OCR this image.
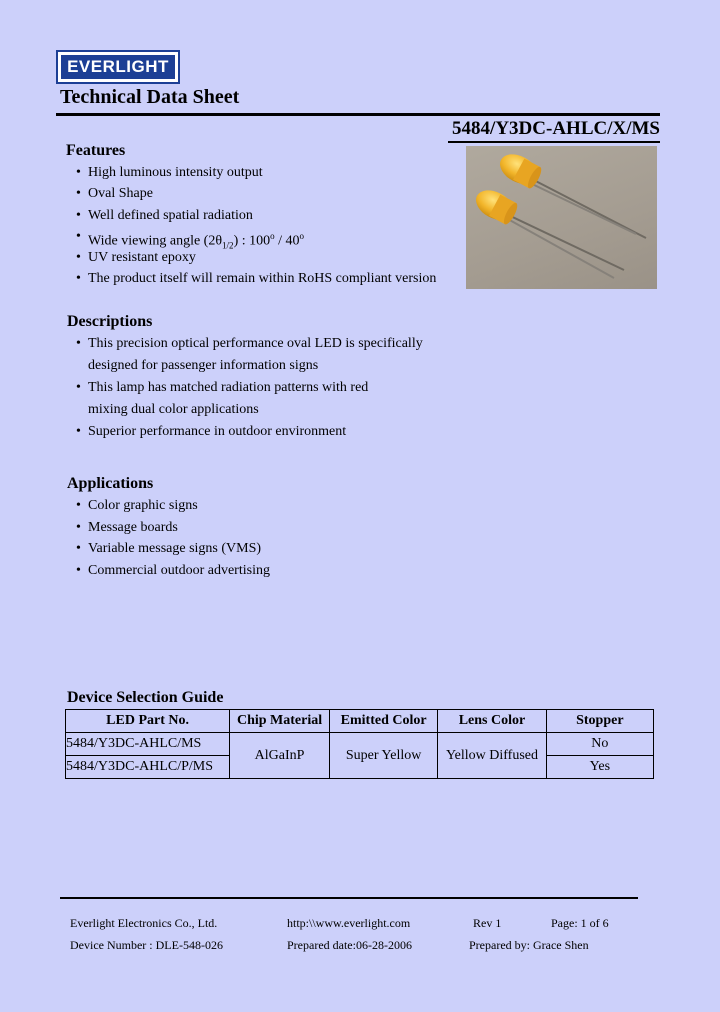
EVERLIGHT
Technical Data Sheet
5484/Y3DC-AHLC/X/MS
Features
• High luminous intensity output
• Oval Shape
• Well defined spatial radiation
• Wide viewing angle $(2\theta_{1/2})$ : 100$^o$ / 40$^o$
• UV resistant epoxy
• The product itself will remain within RoHS compliant version
Descriptions
• This precision optical performance oval LED is specifically
designed for passenger information signs
• This lamp has matched radiation patterns with red
mixing dual color applications
• Superior performance in outdoor environment
Applications
• Color graphic signs
• Message boards
• Variable message signs (VMS)
• Commercial outdoor advertising
Device Selection Guide
LED Part No.	Chip Material	Emitted Color	Lens Color	Stopper
5484/Y3DC-AHLC/MS	AlGaInP	Super Yellow	Yellow Diffused	No
5484/Y3DC-AHLC/P/MS				Yes
Everlight Electronics Co., Ltd.	http:\\www.everlight.com	Rev 1	Page: 1 of 6
Device Number : DLE-548-026	Prepared date:06-28-2006	Prepared by: Grace Shen
